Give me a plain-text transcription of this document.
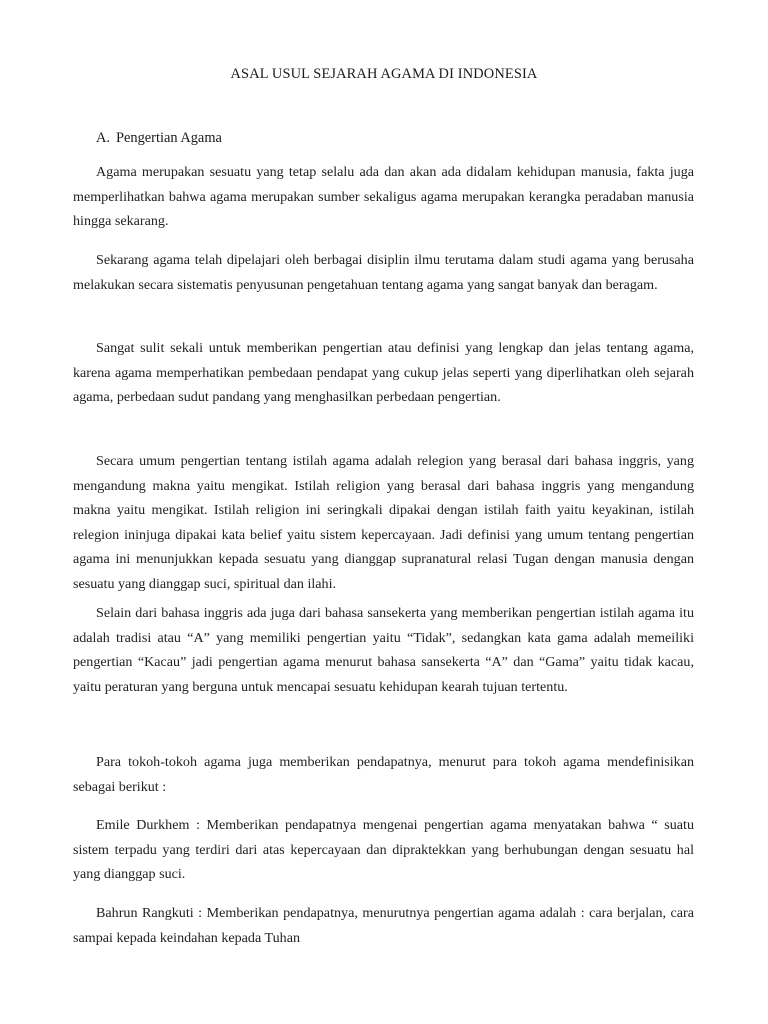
ASAL USUL SEJARAH AGAMA DI INDONESIA
A. Pengertian Agama

Agama merupakan sesuatu yang tetap selalu ada dan akan ada didalam kehidupan manusia, fakta juga memperlihatkan bahwa agama merupakan sumber sekaligus agama merupakan kerangka peradaban manusia hingga sekarang.

Sekarang agama telah dipelajari oleh berbagai disiplin ilmu terutama dalam studi agama yang berusaha melakukan secara sistematis penyusunan pengetahuan tentang agama yang sangat banyak dan beragam.

Sangat sulit sekali untuk memberikan pengertian atau definisi yang lengkap dan jelas tentang agama, karena agama memperhatikan pembedaan pendapat yang cukup jelas seperti yang diperlihatkan oleh sejarah agama, perbedaan sudut pandang yang menghasilkan perbedaan pengertian.

Secara umum pengertian tentang istilah agama adalah relegion yang berasal dari bahasa inggris, yang mengandung makna yaitu mengikat. Istilah religion yang berasal dari bahasa inggris yang mengandung makna yaitu mengikat. Istilah religion ini seringkali dipakai dengan istilah faith yaitu keyakinan, istilah relegion ininjuga dipakai kata belief yaitu sistem kepercayaan. Jadi definisi yang umum tentang pengertian agama ini menunjukkan kepada sesuatu yang dianggap supranatural relasi Tugan dengan manusia dengan sesuatu yang dianggap suci, spiritual dan ilahi.

Selain dari bahasa inggris ada juga dari bahasa sansekerta yang memberikan pengertian istilah agama itu adalah tradisi atau “A” yang memiliki pengertian yaitu “Tidak”, sedangkan kata gama adalah memeiliki pengertian “Kacau” jadi pengertian agama menurut bahasa sansekerta “A” dan “Gama” yaitu tidak kacau, yaitu peraturan yang berguna untuk mencapai sesuatu kehidupan kearah tujuan tertentu.

Para tokoh-tokoh agama juga memberikan pendapatnya, menurut para tokoh agama mendefinisikan sebagai berikut :

Emile Durkhem : Memberikan pendapatnya mengenai pengertian agama menyatakan bahwa “ suatu sistem terpadu yang terdiri dari atas kepercayaan dan dipraktekkan yang berhubungan dengan sesuatu hal yang dianggap suci.

Bahrun Rangkuti : Memberikan pendapatnya, menurutnya pengertian agama adalah : cara berjalan, cara sampai kepada keindahan kepada Tuhan
